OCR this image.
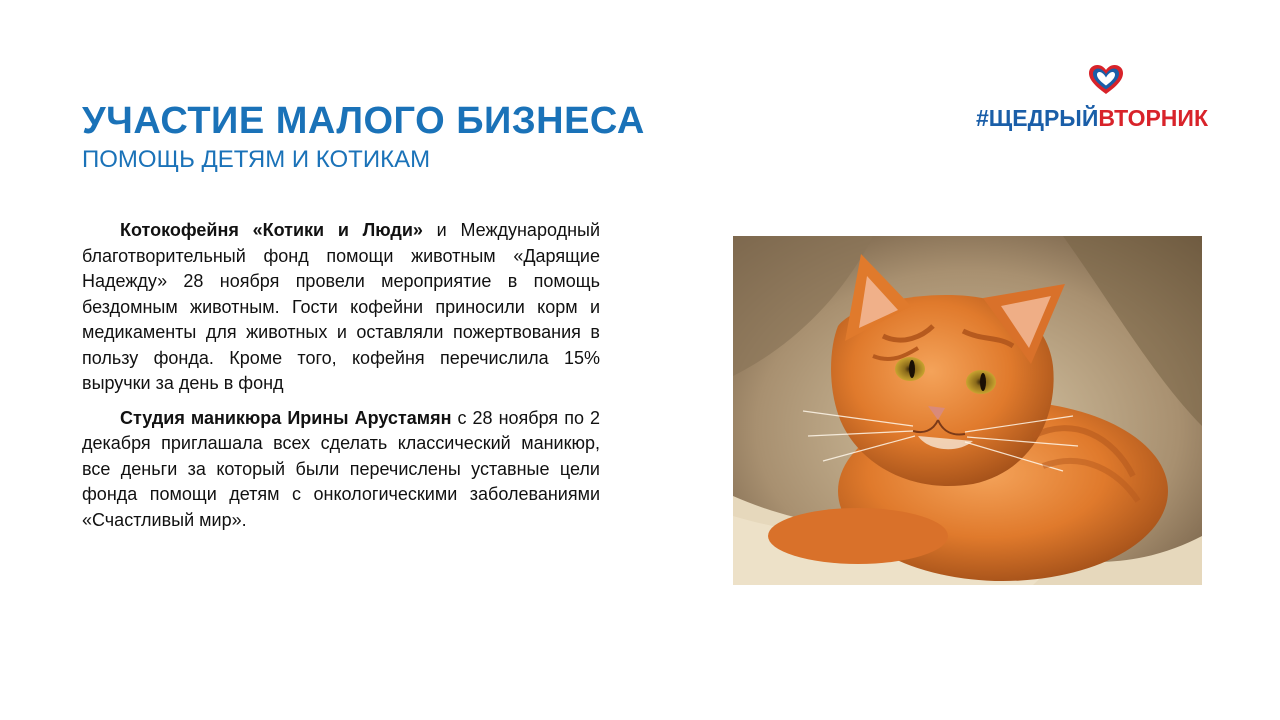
УЧАСТИЕ МАЛОГО БИЗНЕСА
ПОМОЩЬ ДЕТЯМ И КОТИКАМ
#ЩЕДРЫЙВТОРНИК

Котокофейня «Котики и Люди» и Международный благотворительный фонд помощи животным «Дарящие Надежду» 28 ноября провели мероприятие в помощь бездомным животным. Гости кофейни приносили корм и медикаменты для животных и оставляли пожертвования в пользу фонда. Кроме того, кофейня перечислила 15% выручки за день в фонд

Студия маникюра Ирины Арустамян с 28 ноября по 2 декабря приглашала всех сделать классический маникюр, все деньги за который были перечислены уставные цели фонда помощи детям с онкологическими заболеваниями «Счастливый мир».
